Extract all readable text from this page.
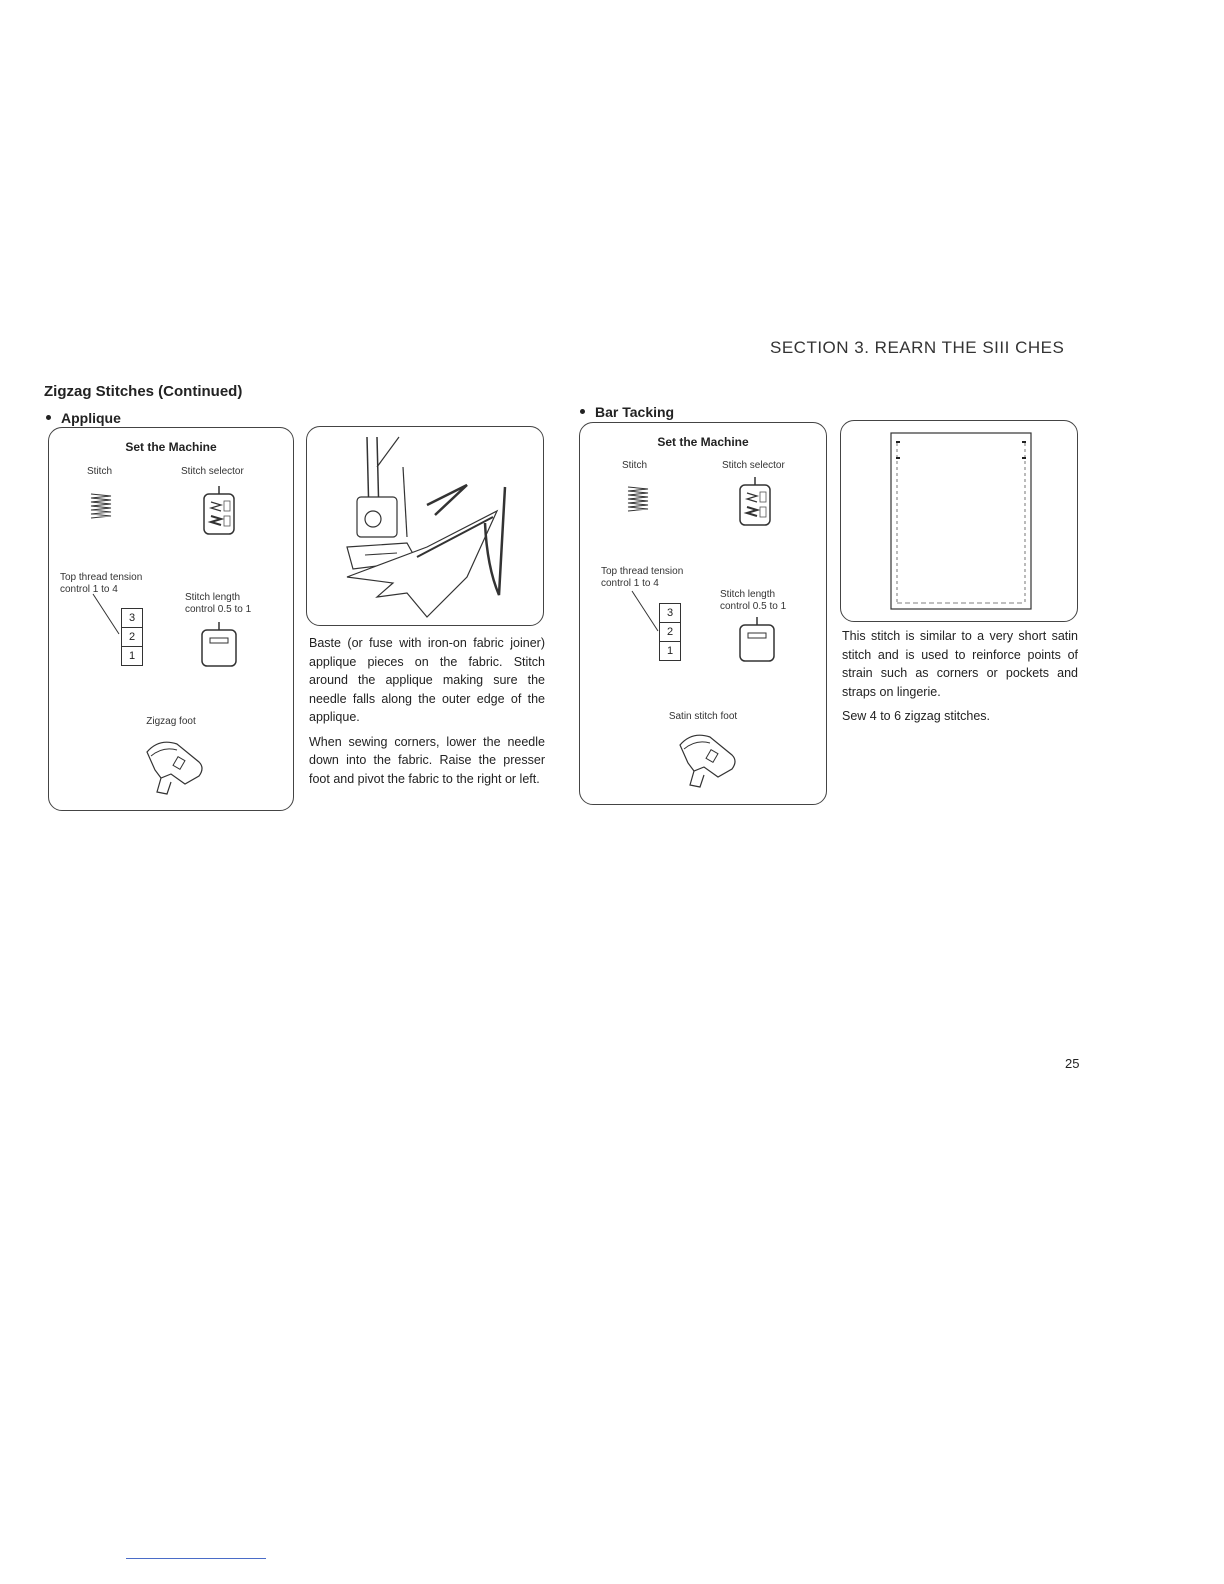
SECTION 3. REARN THE SIII CHES
Zigzag Stitches (Continued)
Applique
Set the Machine
Stitch	Stitch selector
Top thread tension
control 1 to 4
Stitch length
control 0.5 to 1
3
2
1
Zigzag foot

Baste (or fuse with iron-on fabric joiner) applique pieces on the fabric. Stitch around the applique making sure the needle falls along the outer edge of the applique.

When sewing corners, lower the needle down into the fabric. Raise the presser foot and pivot the fabric to the right or left.

Bar Tacking
Set the Machine
Stitch	Stitch selector
Top thread tension
control 1 to 4
Stitch length
control 0.5 to 1
3
2
1
Satin stitch foot

This stitch is similar to a very short satin stitch and is used to reinforce points of strain such as corners or pockets and straps on lingerie.

Sew 4 to 6 zigzag stitches.

25
